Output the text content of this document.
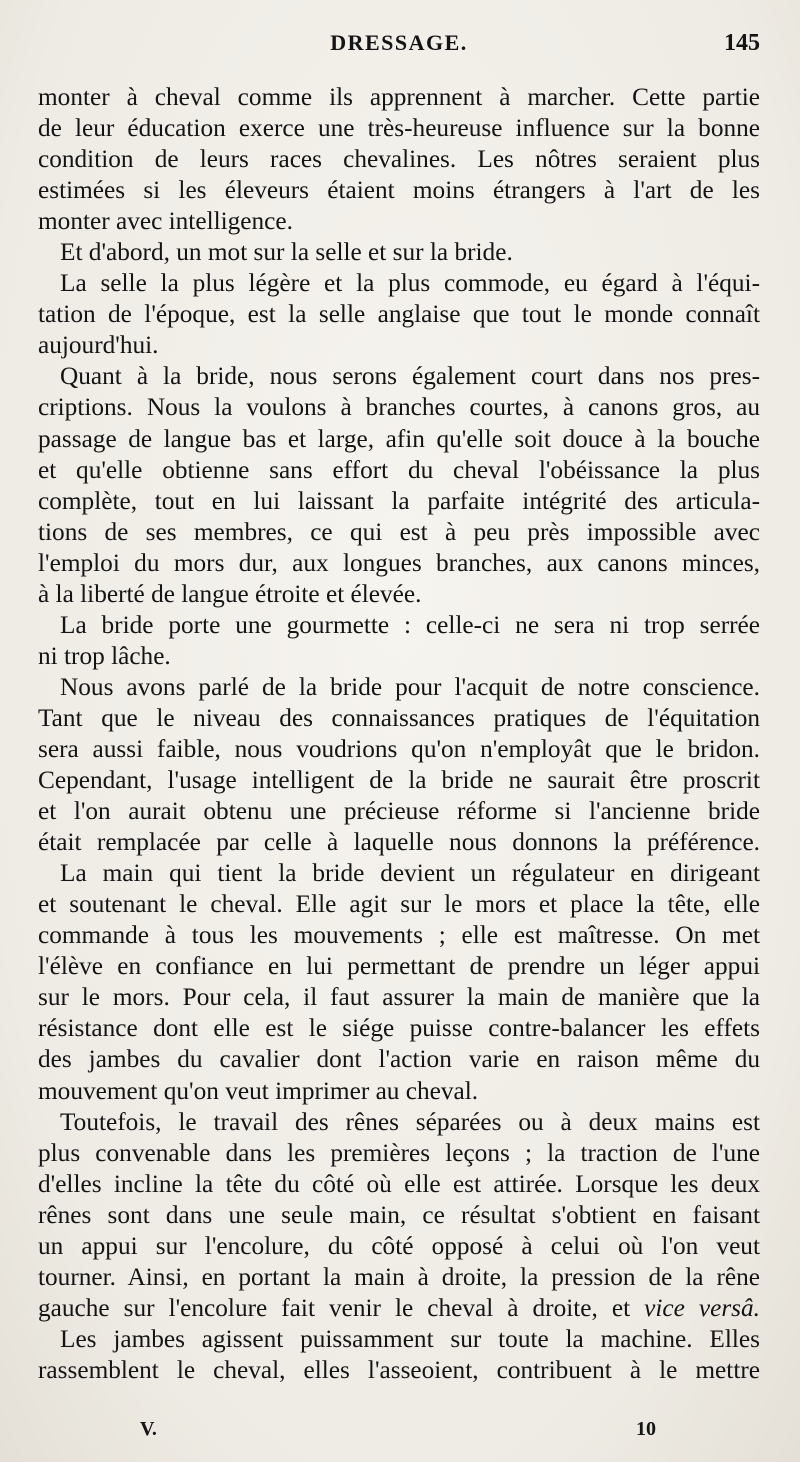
DRESSAGE.	145
monter à cheval comme ils apprennent à marcher. Cette partie
de leur éducation exerce une très-heureuse influence sur la bonne
condition de leurs races chevalines. Les nôtres seraient plus
estimées si les éleveurs étaient moins étrangers à l'art de les
monter avec intelligence.
Et d'abord, un mot sur la selle et sur la bride.
La selle la plus légère et la plus commode, eu égard à l'équi-
tation de l'époque, est la selle anglaise que tout le monde connaît
aujourd'hui.
Quant à la bride, nous serons également court dans nos pres-
criptions. Nous la voulons à branches courtes, à canons gros, au
passage de langue bas et large, afin qu'elle soit douce à la bouche
et qu'elle obtienne sans effort du cheval l'obéissance la plus
complète, tout en lui laissant la parfaite intégrité des articula-
tions de ses membres, ce qui est à peu près impossible avec
l'emploi du mors dur, aux longues branches, aux canons minces,
à la liberté de langue étroite et élevée.
La bride porte une gourmette : celle-ci ne sera ni trop serrée
ni trop lâche.
Nous avons parlé de la bride pour l'acquit de notre conscience.
Tant que le niveau des connaissances pratiques de l'équitation
sera aussi faible, nous voudrions qu'on n'employât que le bridon.
Cependant, l'usage intelligent de la bride ne saurait être proscrit
et l'on aurait obtenu une précieuse réforme si l'ancienne bride
était remplacée par celle à laquelle nous donnons la préférence.
La main qui tient la bride devient un régulateur en dirigeant
et soutenant le cheval. Elle agit sur le mors et place la tête, elle
commande à tous les mouvements ; elle est maîtresse. On met
l'élève en confiance en lui permettant de prendre un léger appui
sur le mors. Pour cela, il faut assurer la main de manière que la
résistance dont elle est le siége puisse contre-balancer les effets
des jambes du cavalier dont l'action varie en raison même du
mouvement qu'on veut imprimer au cheval.
Toutefois, le travail des rênes séparées ou à deux mains est
plus convenable dans les premières leçons ; la traction de l'une
d'elles incline la tête du côté où elle est attirée. Lorsque les deux
rênes sont dans une seule main, ce résultat s'obtient en faisant
un appui sur l'encolure, du côté opposé à celui où l'on veut
tourner. Ainsi, en portant la main à droite, la pression de la rêne
gauche sur l'encolure fait venir le cheval à droite, et vice versâ.
Les jambes agissent puissamment sur toute la machine. Elles
rassemblent le cheval, elles l'asseoient, contribuent à le mettre
V.	10
